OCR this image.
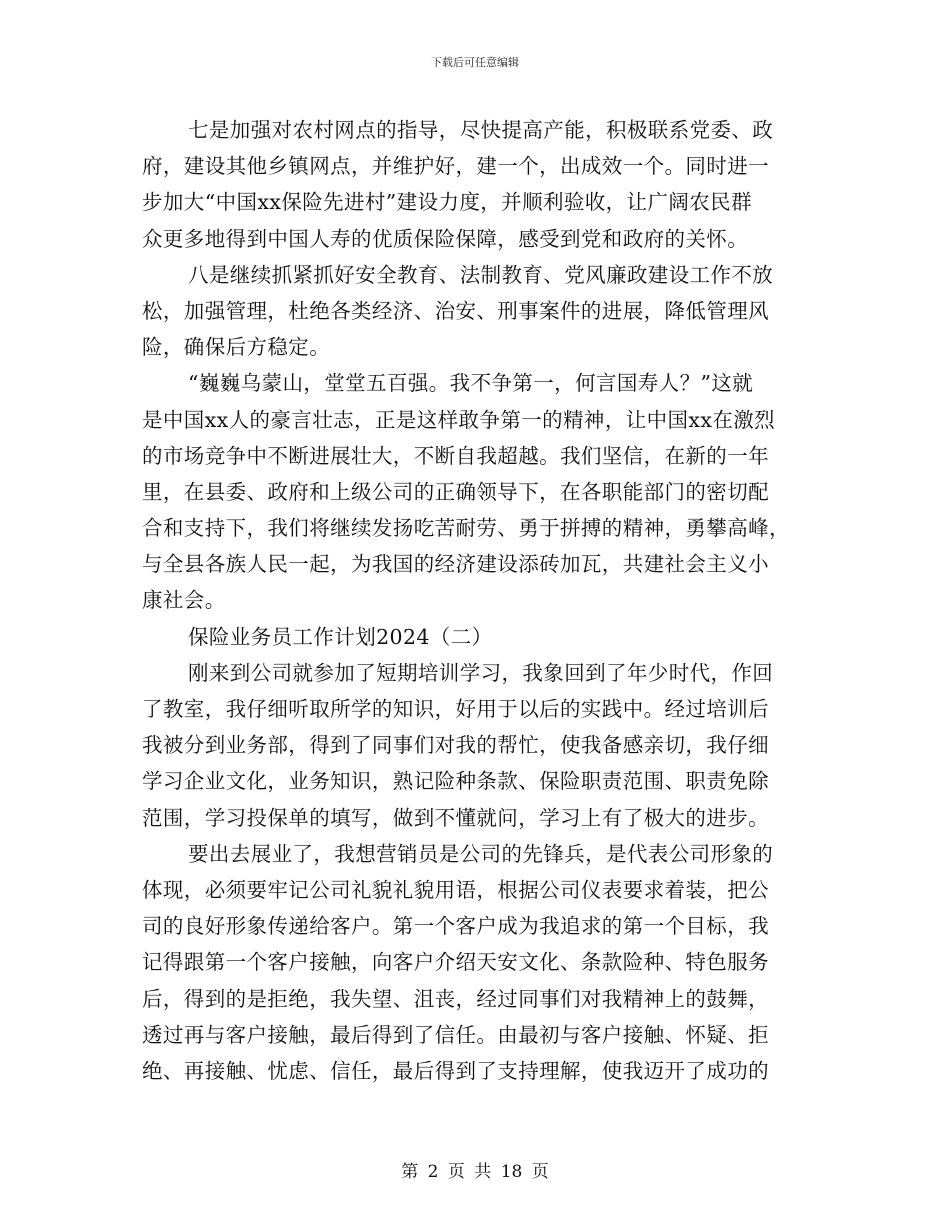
下载后可任意编辑
七是加强对农村网点的指导，尽快提高产能，积极联系党委、政
府，建设其他乡镇网点，并维护好，建一个，出成效一个。同时进一
步加大“中国xx保险先进村”建设力度，并顺利验收，让广阔农民群
众更多地得到中国人寿的优质保险保障，感受到党和政府的关怀。
八是继续抓紧抓好安全教育、法制教育、党风廉政建设工作不放
松，加强管理，杜绝各类经济、治安、刑事案件的进展，降低管理风
险，确保后方稳定。
“巍巍乌蒙山，堂堂五百强。我不争第一，何言国寿人？”这就
是中国xx人的豪言壮志，正是这样敢争第一的精神，让中国xx在激烈
的市场竞争中不断进展壮大，不断自我超越。我们坚信，在新的一年
里，在县委、政府和上级公司的正确领导下，在各职能部门的密切配
合和支持下，我们将继续发扬吃苦耐劳、勇于拼搏的精神，勇攀高峰，
与全县各族人民一起，为我国的经济建设添砖加瓦，共建社会主义小
康社会。
保险业务员工作计划2024（二）
刚来到公司就参加了短期培训学习，我象回到了年少时代，作回
了教室，我仔细听取所学的知识，好用于以后的实践中。经过培训后
我被分到业务部，得到了同事们对我的帮忙，使我备感亲切，我仔细
学习企业文化，业务知识，熟记险种条款、保险职责范围、职责免除
范围，学习投保单的填写，做到不懂就问，学习上有了极大的进步。
要出去展业了，我想营销员是公司的先锋兵，是代表公司形象的
体现，必须要牢记公司礼貌礼貌用语，根据公司仪表要求着装，把公
司的良好形象传递给客户。第一个客户成为我追求的第一个目标，我
记得跟第一个客户接触，向客户介绍天安文化、条款险种、特色服务
后，得到的是拒绝，我失望、沮丧，经过同事们对我精神上的鼓舞，
透过再与客户接触，最后得到了信任。由最初与客户接触、怀疑、拒
绝、再接触、忧虑、信任，最后得到了支持理解，使我迈开了成功的
第 2 页 共 18 页
